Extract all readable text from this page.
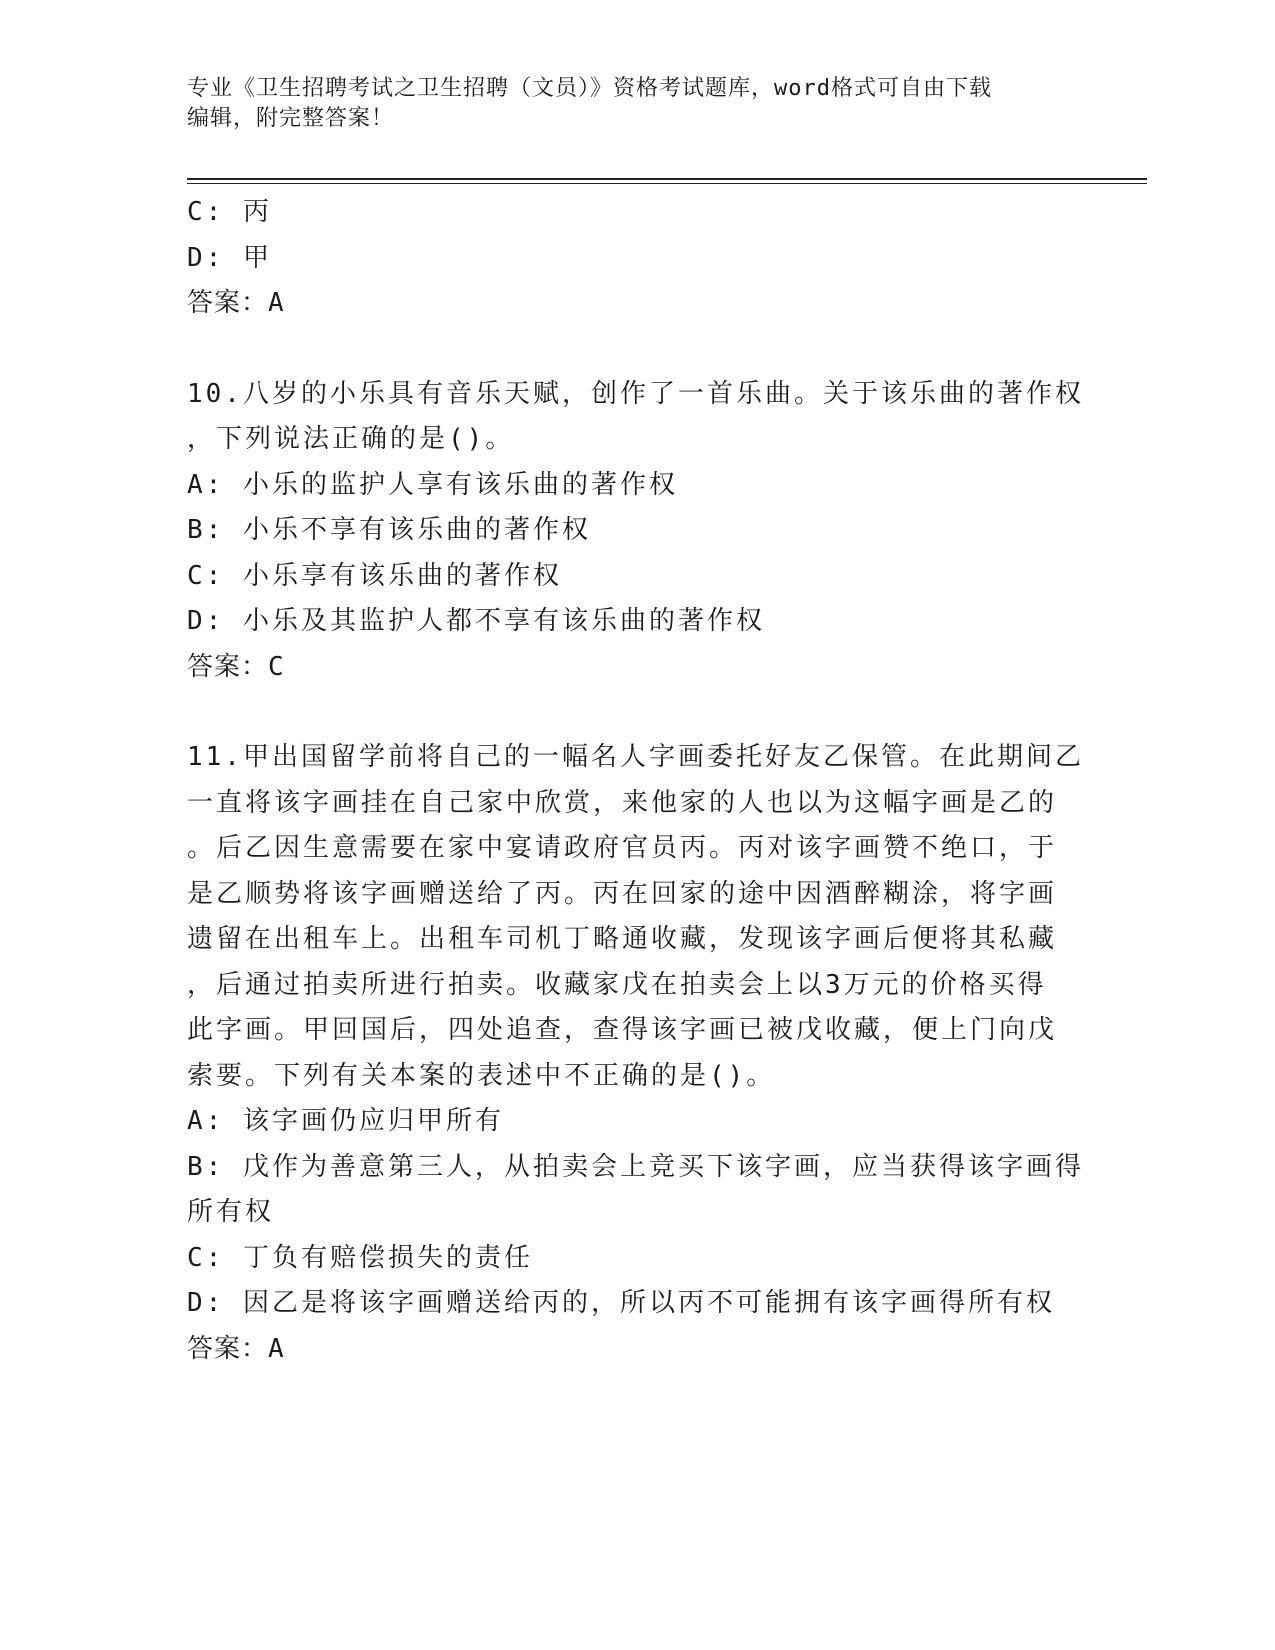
专业《卫生招聘考试之卫生招聘（文员）》资格考试题库，word格式可自由下载
编辑，附完整答案！
C: 丙
D: 甲
答案：A
10.八岁的小乐具有音乐天赋，创作了一首乐曲。关于该乐曲的著作权
，下列说法正确的是()。
A: 小乐的监护人享有该乐曲的著作权
B: 小乐不享有该乐曲的著作权
C: 小乐享有该乐曲的著作权
D: 小乐及其监护人都不享有该乐曲的著作权
答案：C
11.甲出国留学前将自己的一幅名人字画委托好友乙保管。在此期间乙
一直将该字画挂在自己家中欣赏，来他家的人也以为这幅字画是乙的
。后乙因生意需要在家中宴请政府官员丙。丙对该字画赞不绝口，于
是乙顺势将该字画赠送给了丙。丙在回家的途中因酒醉糊涂，将字画
遗留在出租车上。出租车司机丁略通收藏，发现该字画后便将其私藏
，后通过拍卖所进行拍卖。收藏家戊在拍卖会上以3万元的价格买得
此字画。甲回国后，四处追查，查得该字画已被戊收藏，便上门向戊
索要。下列有关本案的表述中不正确的是()。
A: 该字画仍应归甲所有
B: 戊作为善意第三人，从拍卖会上竞买下该字画，应当获得该字画得
所有权
C: 丁负有赔偿损失的责任
D: 因乙是将该字画赠送给丙的，所以丙不可能拥有该字画得所有权
答案：A
